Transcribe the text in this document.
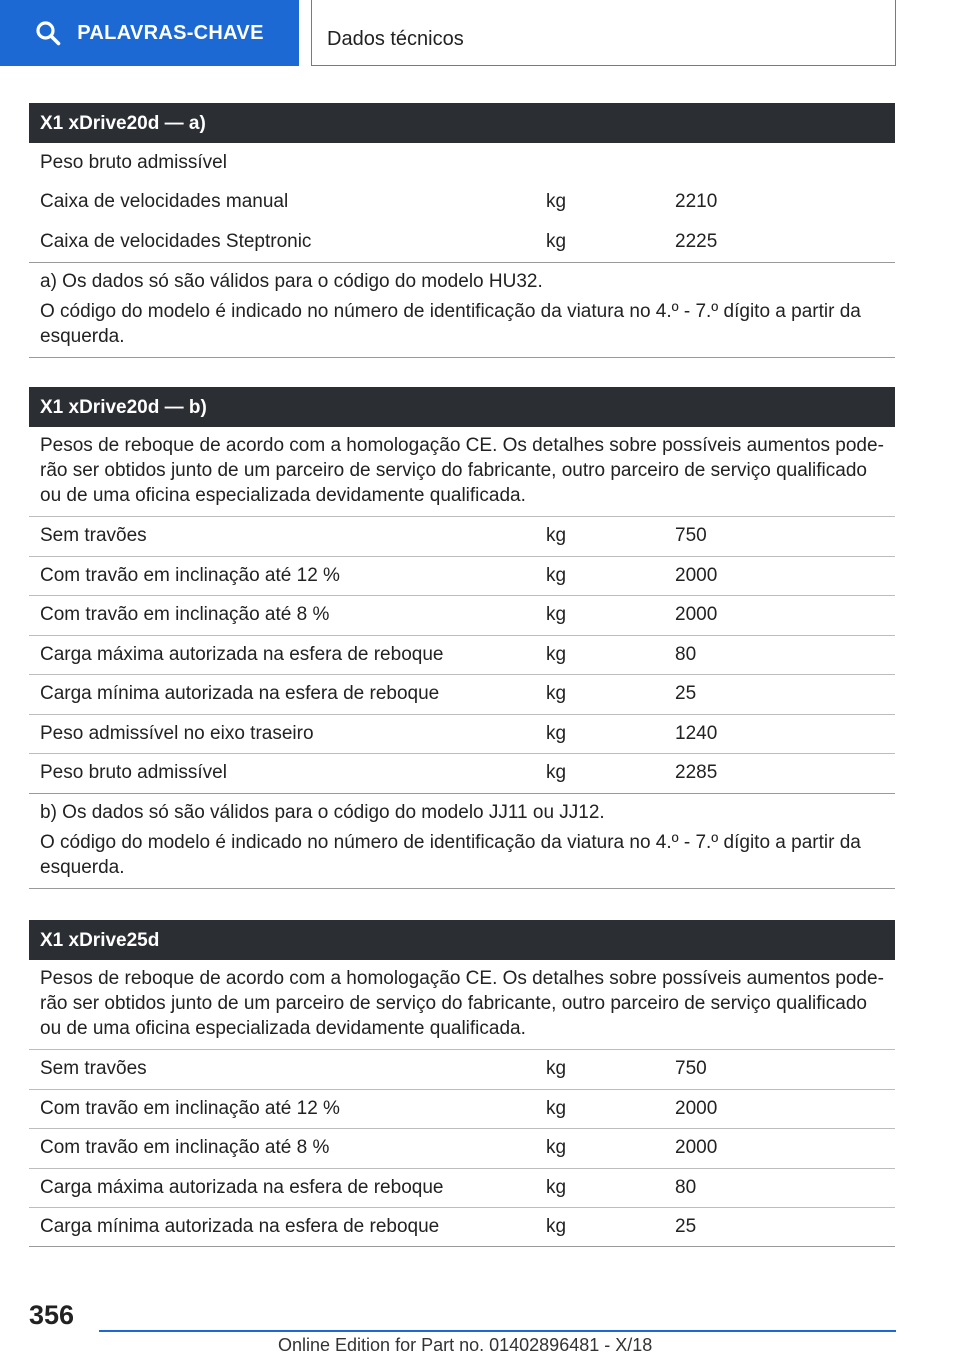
PALAVRAS-CHAVE	Dados técnicos
X1 xDrive20d — a)
Peso bruto admissível
Caixa de velocidades manual	kg	2210
Caixa de velocidades Steptronic	kg	2225

a) Os dados só são válidos para o código do modelo HU32.

O código do modelo é indicado no número de identificação da viatura no 4.º - 7.º dígito a partir da esquerda.

X1 xDrive20d — b)
Pesos de reboque de acordo com a homologação CE. Os detalhes sobre possíveis aumentos pode-rão ser obtidos junto de um parceiro de serviço do fabricante, outro parceiro de serviço qualificado ou de uma oficina especializada devidamente qualificada.
Sem travões	kg	750
Com travão em inclinação até 12 %	kg	2000
Com travão em inclinação até 8 %	kg	2000
Carga máxima autorizada na esfera de reboque	kg	80
Carga mínima autorizada na esfera de reboque	kg	25
Peso admissível no eixo traseiro	kg	1240
Peso bruto admissível	kg	2285

b) Os dados só são válidos para o código do modelo JJ11 ou JJ12.

O código do modelo é indicado no número de identificação da viatura no 4.º - 7.º dígito a partir da esquerda.

X1 xDrive25d
Pesos de reboque de acordo com a homologação CE. Os detalhes sobre possíveis aumentos pode-rão ser obtidos junto de um parceiro de serviço do fabricante, outro parceiro de serviço qualificado ou de uma oficina especializada devidamente qualificada.
Sem travões	kg	750
Com travão em inclinação até 12 %	kg	2000
Com travão em inclinação até 8 %	kg	2000
Carga máxima autorizada na esfera de reboque	kg	80
Carga mínima autorizada na esfera de reboque	kg	25
356
Online Edition for Part no. 01402896481 - X/18
